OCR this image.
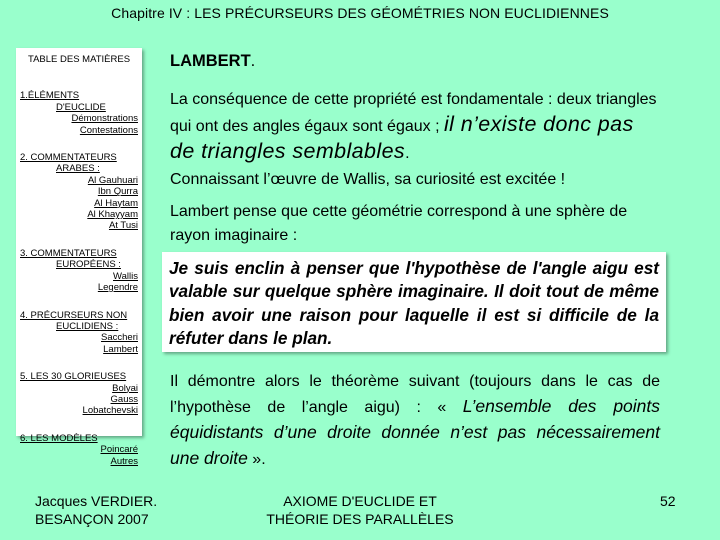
Chapitre IV : LES PRÉCURSEURS DES GÉOMÉTRIES NON EUCLIDIENNES
TABLE DES MATIÈRES
1.ÉLÉMENTS
D'EUCLIDE
Démonstrations
Contestations
2. COMMENTATEURS
ARABES :
Al Gauhuari
Ibn Qurra
Al Haytam
Al Khayyam
At Tusi
3. COMMENTATEURS
EUROPÉENS :
Wallis
Legendre
4. PRÉCURSEURS NON
EUCLIDIENS :
Saccheri
Lambert
5. LES 30 GLORIEUSES
Bolyai
Gauss
Lobatchevski
6. LES MODÈLES
Poincaré
Autres

LAMBERT.

La conséquence de cette propriété est fondamentale : deux triangles qui ont des angles égaux sont égaux ; il n’existe donc pas de triangles semblables.

Connaissant l’œuvre de Wallis, sa curiosité est excitée !

Lambert pense que cette géométrie correspond à une sphère de rayon imaginaire :

Je suis enclin à penser que l'hypothèse de l'angle aigu est valable sur quelque sphère imaginaire. Il doit tout de même bien avoir une raison pour laquelle il est si difficile de la réfuter dans le plan.

Il démontre alors le théorème suivant (toujours dans le cas de l’hypothèse de l’angle aigu) : « L’ensemble des points équidistants d’une droite donnée n’est pas nécessairement une droite ».

Jacques VERDIER.
BESANÇON 2007
AXIOME D'EUCLIDE ET
THÉORIE DES PARALLÈLES
52
